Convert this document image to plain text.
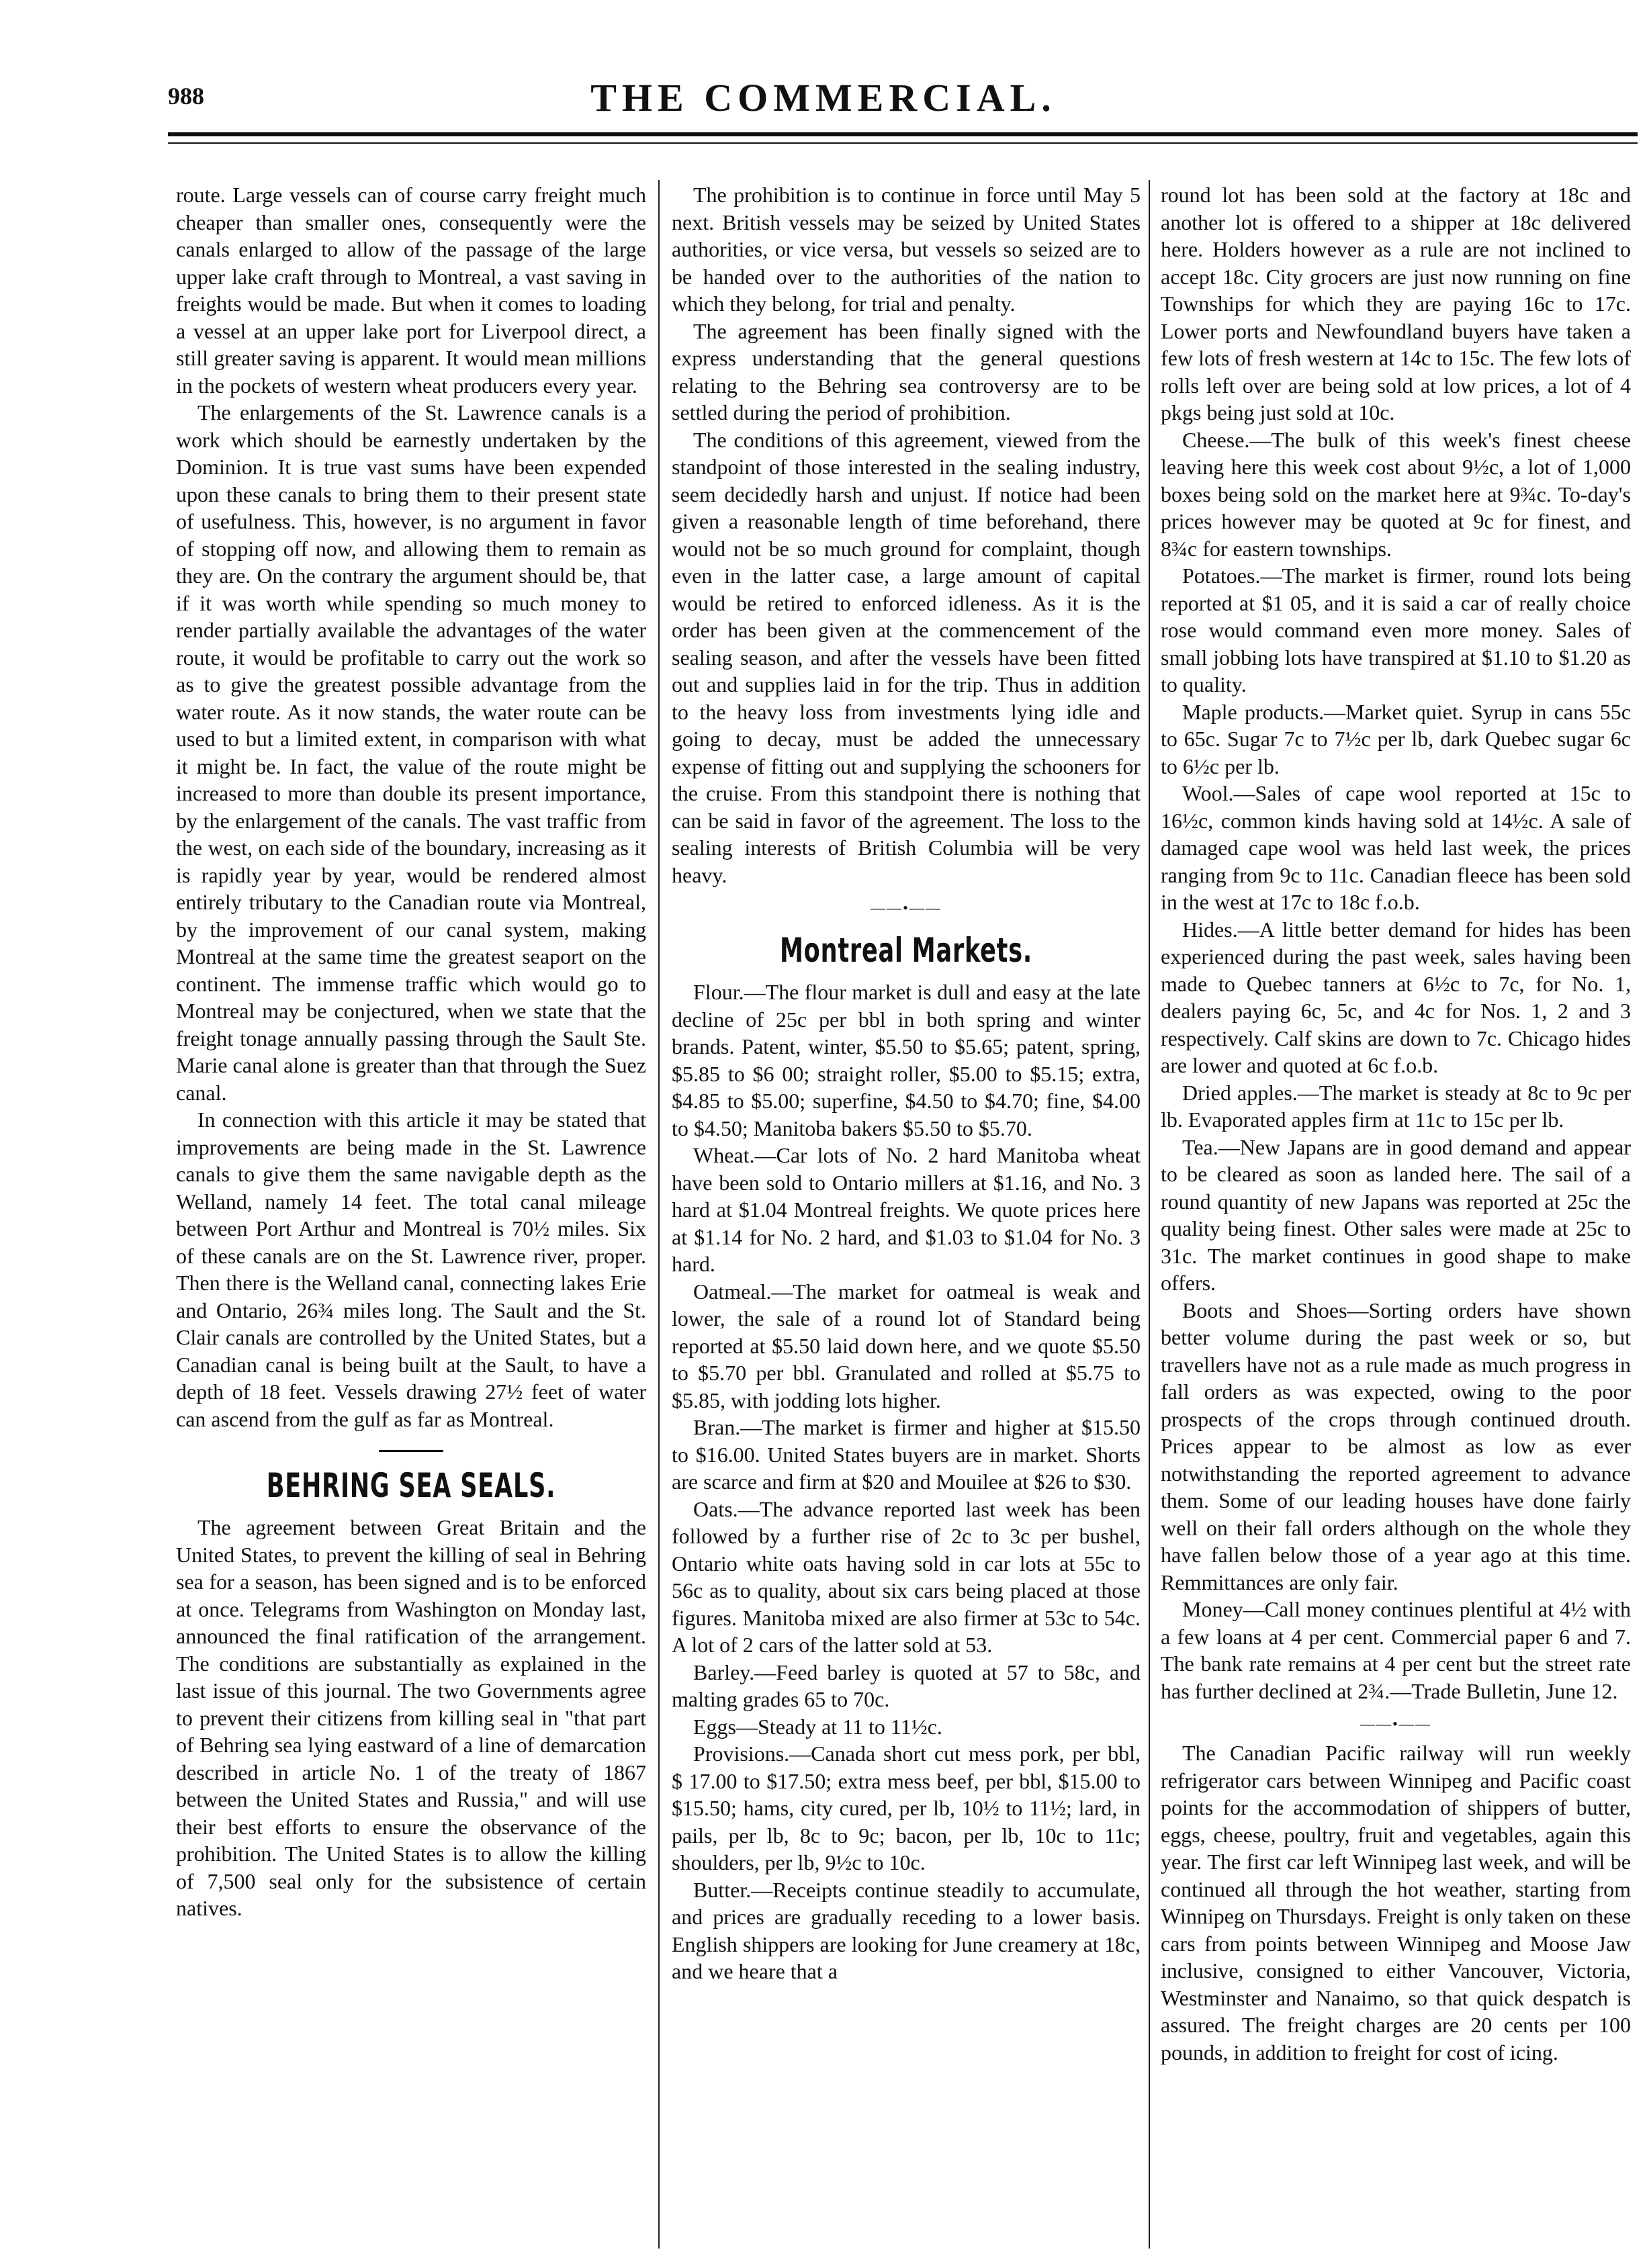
988	THE COMMERCIAL.

route. Large vessels can of course carry freight much cheaper than smaller ones, consequently were the canals enlarged to allow of the passage of the large upper lake craft through to Montreal, a vast saving in freights would be made. But when it comes to loading a vessel at an upper lake port for Liverpool direct, a still greater saving is apparent. It would mean millions in the pockets of western wheat producers every year.

The enlargements of the St. Lawrence canals is a work which should be earnestly undertaken by the Dominion. It is true vast sums have been expended upon these canals to bring them to their present state of usefulness. This, however, is no argument in favor of stopping off now, and allowing them to remain as they are. On the contrary the argument should be, that if it was worth while spending so much money to render partially available the advantages of the water route, it would be profitable to carry out the work so as to give the greatest possible advantage from the water route. As it now stands, the water route can be used to but a limited extent, in comparison with what it might be. In fact, the value of the route might be increased to more than double its present importance, by the enlargement of the canals. The vast traffic from the west, on each side of the boundary, increasing as it is rapidly year by year, would be rendered almost entirely tributary to the Canadian route via Montreal, by the improvement of our canal system, making Montreal at the same time the greatest seaport on the continent. The immense traffic which would go to Montreal may be conjectured, when we state that the freight tonage annually passing through the Sault Ste. Marie canal alone is greater than that through the Suez canal.

In connection with this article it may be stated that improvements are being made in the St. Lawrence canals to give them the same navigable depth as the Welland, namely 14 feet. The total canal mileage between Port Arthur and Montreal is 70½ miles. Six of these canals are on the St. Lawrence river, proper. Then there is the Welland canal, connecting lakes Erie and Ontario, 26¾ miles long. The Sault and the St. Clair canals are controlled by the United States, but a Canadian canal is being built at the Sault, to have a depth of 18 feet. Vessels drawing 27½ feet of water can ascend from the gulf as far as Montreal.

BEHRING SEA SEALS.

The agreement between Great Britain and the United States, to prevent the killing of seal in Behring sea for a season, has been signed and is to be enforced at once. Telegrams from Washington on Monday last, announced the final ratification of the arrangement. The conditions are substantially as explained in the last issue of this journal. The two Governments agree to prevent their citizens from killing seal in "that part of Behring sea lying eastward of a line of demarcation described in article No. 1 of the treaty of 1867 between the United States and Russia," and will use their best efforts to ensure the observance of the prohibition. The United States is to allow the killing of 7,500 seal only for the subsistence of certain natives.

The prohibition is to continue in force until May 5 next. British vessels may be seized by United States authorities, or vice versa, but vessels so seized are to be handed over to the authorities of the nation to which they belong, for trial and penalty.

The agreement has been finally signed with the express understanding that the general questions relating to the Behring sea controversy are to be settled during the period of prohibition.

The conditions of this agreement, viewed from the standpoint of those interested in the sealing industry, seem decidedly harsh and unjust. If notice had been given a reasonable length of time beforehand, there would not be so much ground for complaint, though even in the latter case, a large amount of capital would be retired to enforced idleness. As it is the order has been given at the commencement of the sealing season, and after the vessels have been fitted out and supplies laid in for the trip. Thus in addition to the heavy loss from investments lying idle and going to decay, must be added the unnecessary expense of fitting out and supplying the schooners for the cruise. From this standpoint there is nothing that can be said in favor of the agreement. The loss to the sealing interests of British Columbia will be very heavy.

——•——
Montreal Markets.

Flour.—The flour market is dull and easy at the late decline of 25c per bbl in both spring and winter brands. Patent, winter, $5.50 to $5.65; patent, spring, $5.85 to $6 00; straight roller, $5.00 to $5.15; extra, $4.85 to $5.00; superfine, $4.50 to $4.70; fine, $4.00 to $4.50; Manitoba bakers $5.50 to $5.70.

Wheat.—Car lots of No. 2 hard Manitoba wheat have been sold to Ontario millers at $1.16, and No. 3 hard at $1.04 Montreal freights. We quote prices here at $1.14 for No. 2 hard, and $1.03 to $1.04 for No. 3 hard.

Oatmeal.—The market for oatmeal is weak and lower, the sale of a round lot of Standard being reported at $5.50 laid down here, and we quote $5.50 to $5.70 per bbl. Granulated and rolled at $5.75 to $5.85, with jodding lots higher.

Bran.—The market is firmer and higher at $15.50 to $16.00. United States buyers are in market. Shorts are scarce and firm at $20 and Mouilee at $26 to $30.

Oats.—The advance reported last week has been followed by a further rise of 2c to 3c per bushel, Ontario white oats having sold in car lots at 55c to 56c as to quality, about six cars being placed at those figures. Manitoba mixed are also firmer at 53c to 54c. A lot of 2 cars of the latter sold at 53.

Barley.—Feed barley is quoted at 57 to 58c, and malting grades 65 to 70c.

Eggs—Steady at 11 to 11½c.

Provisions.—Canada short cut mess pork, per bbl, $ 17.00 to $17.50; extra mess beef, per bbl, $15.00 to $15.50; hams, city cured, per lb, 10½ to 11½; lard, in pails, per lb, 8c to 9c; bacon, per lb, 10c to 11c; shoulders, per lb, 9½c to 10c.

Butter.—Receipts continue steadily to accumulate, and prices are gradually receding to a lower basis. English shippers are looking for June creamery at 18c, and we heare that a

round lot has been sold at the factory at 18c and another lot is offered to a shipper at 18c delivered here. Holders however as a rule are not inclined to accept 18c. City grocers are just now running on fine Townships for which they are paying 16c to 17c. Lower ports and Newfoundland buyers have taken a few lots of fresh western at 14c to 15c. The few lots of rolls left over are being sold at low prices, a lot of 4 pkgs being just sold at 10c.

Cheese.—The bulk of this week's finest cheese leaving here this week cost about 9½c, a lot of 1,000 boxes being sold on the market here at 9¾c. To-day's prices however may be quoted at 9c for finest, and 8¾c for eastern townships.

Potatoes.—The market is firmer, round lots being reported at $1 05, and it is said a car of really choice rose would command even more money. Sales of small jobbing lots have transpired at $1.10 to $1.20 as to quality.

Maple products.—Market quiet. Syrup in cans 55c to 65c. Sugar 7c to 7½c per lb, dark Quebec sugar 6c to 6½c per lb.

Wool.—Sales of cape wool reported at 15c to 16½c, common kinds having sold at 14½c. A sale of damaged cape wool was held last week, the prices ranging from 9c to 11c. Canadian fleece has been sold in the west at 17c to 18c f.o.b.

Hides.—A little better demand for hides has been experienced during the past week, sales having been made to Quebec tanners at 6½c to 7c, for No. 1, dealers paying 6c, 5c, and 4c for Nos. 1, 2 and 3 respectively. Calf skins are down to 7c. Chicago hides are lower and quoted at 6c f.o.b.

Dried apples.—The market is steady at 8c to 9c per lb. Evaporated apples firm at 11c to 15c per lb.

Tea.—New Japans are in good demand and appear to be cleared as soon as landed here. The sail of a round quantity of new Japans was reported at 25c the quality being finest. Other sales were made at 25c to 31c. The market continues in good shape to make offers.

Boots and Shoes—Sorting orders have shown better volume during the past week or so, but travellers have not as a rule made as much progress in fall orders as was expected, owing to the poor prospects of the crops through continued drouth. Prices appear to be almost as low as ever notwithstanding the reported agreement to advance them. Some of our leading houses have done fairly well on their fall orders although on the whole they have fallen below those of a year ago at this time. Remmittances are only fair.

Money—Call money continues plentiful at 4½ with a few loans at 4 per cent. Commercial paper 6 and 7. The bank rate remains at 4 per cent but the street rate has further declined at 2¾.—Trade Bulletin, June 12.

——•——

The Canadian Pacific railway will run weekly refrigerator cars between Winnipeg and Pacific coast points for the accommodation of shippers of butter, eggs, cheese, poultry, fruit and vegetables, again this year. The first car left Winnipeg last week, and will be continued all through the hot weather, starting from Winnipeg on Thursdays. Freight is only taken on these cars from points between Winnipeg and Moose Jaw inclusive, consigned to either Vancouver, Victoria, Westminster and Nanaimo, so that quick despatch is assured. The freight charges are 20 cents per 100 pounds, in addition to freight for cost of icing.
